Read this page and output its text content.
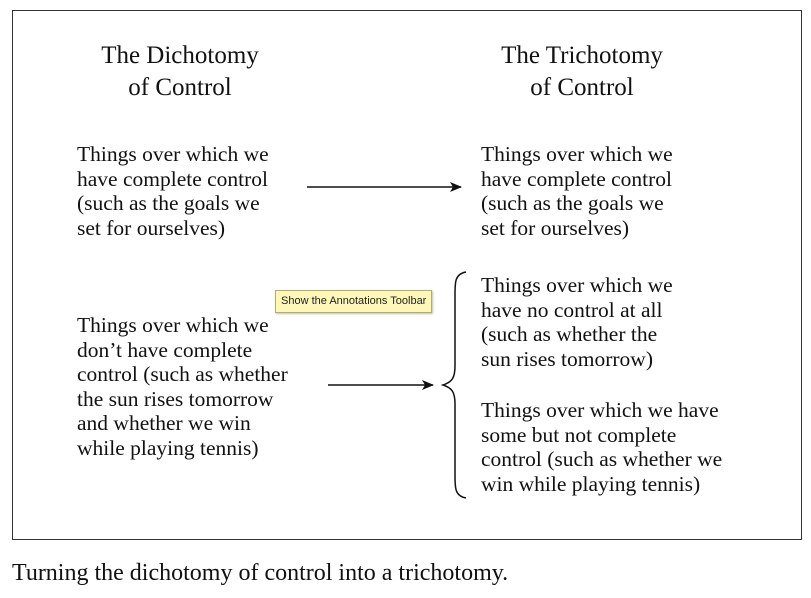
The Dichotomy
of Control
The Trichotomy
of Control
Things over which we
have complete control
(such as the goals we
set for ourselves)
Things over which we
have complete control
(such as the goals we
set for ourselves)
Things over which we
don’t have complete
control (such as whether
the sun rises tomorrow
and whether we win
while playing tennis)
Things over which we
have no control at all
(such as whether the
sun rises tomorrow)
Things over which we have
some but not complete
control (such as whether we
win while playing tennis)
Show the Annotations Toolbar
Turning the dichotomy of control into a trichotomy.
